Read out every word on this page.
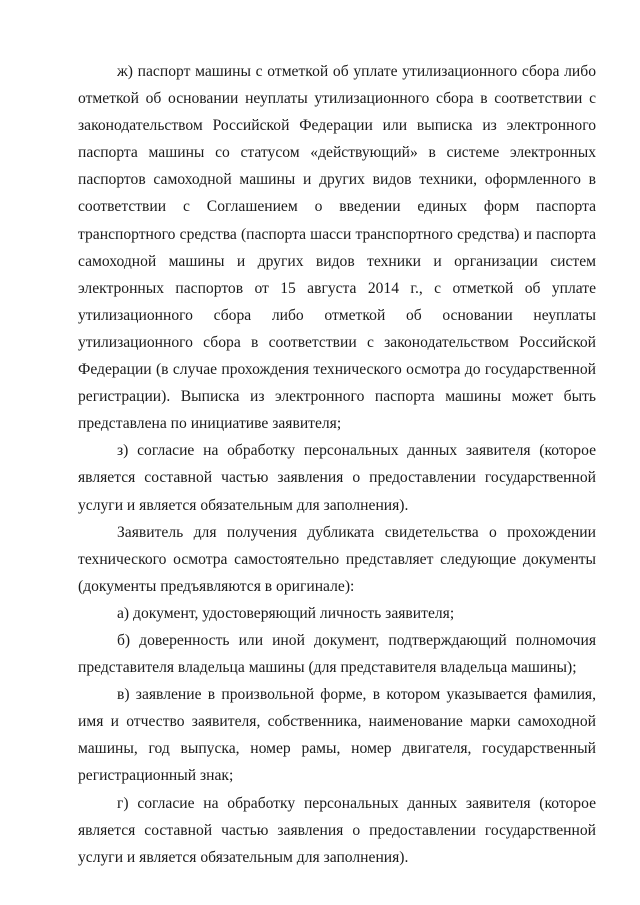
ж) паспорт машины с отметкой об уплате утилизационного сбора либо отметкой об основании неуплаты утилизационного сбора в соответствии с законодательством Российской Федерации или выписка из электронного паспорта машины со статусом «действующий» в системе электронных паспортов самоходной машины и других видов техники, оформленного в соответствии с Соглашением о введении единых форм паспорта транспортного средства (паспорта шасси транспортного средства) и паспорта самоходной машины и других видов техники и организации систем электронных паспортов от 15 августа 2014 г., с отметкой об уплате утилизационного сбора либо отметкой об основании неуплаты утилизационного сбора в соответствии с законодательством Российской Федерации (в случае прохождения технического осмотра до государственной регистрации). Выписка из электронного паспорта машины может быть представлена по инициативе заявителя;

з) согласие на обработку персональных данных заявителя (которое является составной частью заявления о предоставлении государственной услуги и является обязательным для заполнения).

Заявитель для получения дубликата свидетельства о прохождении технического осмотра самостоятельно представляет следующие документы (документы предъявляются в оригинале):

а) документ, удостоверяющий личность заявителя;

б) доверенность или иной документ, подтверждающий полномочия представителя владельца машины (для представителя владельца машины);

в) заявление в произвольной форме, в котором указывается фамилия, имя и отчество заявителя, собственника, наименование марки самоходной машины, год выпуска, номер рамы, номер двигателя, государственный регистрационный знак;

г) согласие на обработку персональных данных заявителя (которое является составной частью заявления о предоставлении государственной услуги и является обязательным для заполнения).
